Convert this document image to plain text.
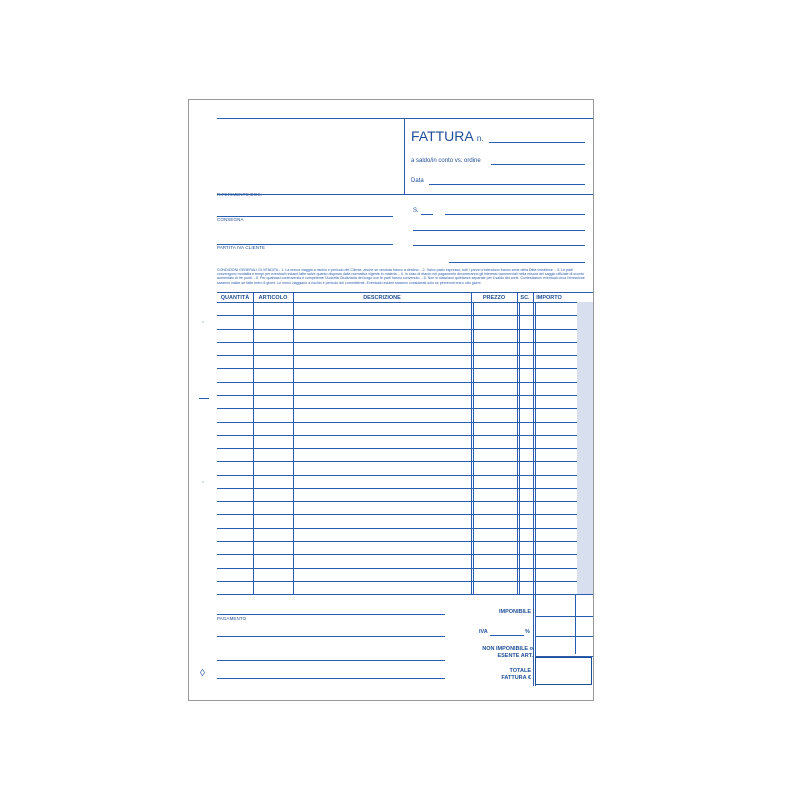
FATTURA n.
a saldo/in conto vs. ordine
Data
RIFERIMENTO DOC.
CONSEGNA
PARTITA IVA CLIENTE
S.
CONDIZIONI GENERALI DI VENDITA - 1. La merce viaggia a rischio e pericolo del Cliente, anche se venduta franco a destino. - 2. Salvo patto espresso, tutti i prezzi s'intendono franco sede della Ditta venditrice. - 3. Le parti convengono modalità e tempi per eventuali reclami fatte salve quanto disposto dalla normativa vigente in materia. - 4. In caso di ritardo nel pagamento decorreranno gli interessi commerciali nella misura del saggio ufficiale di sconto aumentato di tre punti. - 5. Per qualsiasi controversia è competente l'Autorità Giudiziaria del luogo ove le parti hanno convenuto. - 6. Non si rilasciano quietanze separate per il saldo dei conti. Contestazioni eventuali circa l'emissione saranno valide se fatte entro 8 giorni. Le merci viaggiano a rischio e pericolo del committente. Eventuali reclami saranno considerati solo se pervenuti entro otto giorni.
QUANTITÀ	ARTICOLO	DESCRIZIONE	PREZZO	SC.	IMPORTO
PAGAMENTO
IMPONIBILE
IVA	%
NON IMPONIBILE o ESENTE ART.
TOTALE FATTURA €
◦
◦
◊
